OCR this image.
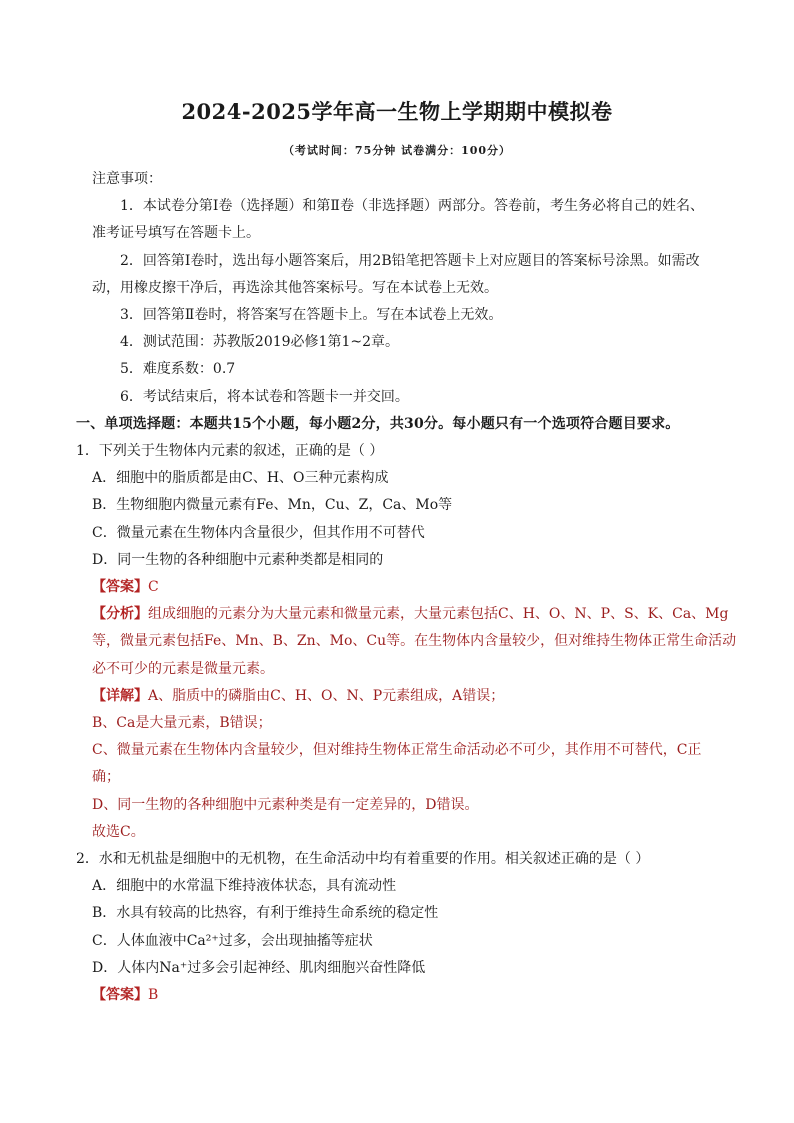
2024-2025学年高一生物上学期期中模拟卷
（考试时间：75分钟 试卷满分：100分）
注意事项：
1．本试卷分第Ⅰ卷（选择题）和第Ⅱ卷（非选择题）两部分。答卷前，考生务必将自己的姓名、
准考证号填写在答题卡上。
2．回答第Ⅰ卷时，选出每小题答案后，用2B铅笔把答题卡上对应题目的答案标号涂黑。如需改
动，用橡皮擦干净后，再选涂其他答案标号。写在本试卷上无效。
3．回答第Ⅱ卷时，将答案写在答题卡上。写在本试卷上无效。
4．测试范围：苏教版2019必修1第1~2章。
5．难度系数：0.7
6．考试结束后，将本试卷和答题卡一并交回。
一、单项选择题：本题共15个小题，每小题2分，共30分。每小题只有一个选项符合题目要求。
1．下列关于生物体内元素的叙述，正确的是（ ）
A．细胞中的脂质都是由C、H、O三种元素构成
B．生物细胞内微量元素有Fe、Mn，Cu、Z，Ca、Mo等
C．微量元素在生物体内含量很少，但其作用不可替代
D．同一生物的各种细胞中元素种类都是相同的
【答案】C
【分析】组成细胞的元素分为大量元素和微量元素，大量元素包括C、H、O、N、P、S、K、Ca、Mg
等，微量元素包括Fe、Mn、B、Zn、Mo、Cu等。在生物体内含量较少，但对维持生物体正常生命活动
必不可少的元素是微量元素。
【详解】A、脂质中的磷脂由C、H、O、N、P元素组成，A错误；
B、Ca是大量元素，B错误；
C、微量元素在生物体内含量较少，但对维持生物体正常生命活动必不可少，其作用不可替代，C正
确；
D、同一生物的各种细胞中元素种类是有一定差异的，D错误。
故选C。
2．水和无机盐是细胞中的无机物，在生命活动中均有着重要的作用。相关叙述正确的是（ ）
A．细胞中的水常温下维持液体状态，具有流动性
B．水具有较高的比热容，有利于维持生命系统的稳定性
C．人体血液中Ca²⁺过多，会出现抽搐等症状
D．人体内Na⁺过多会引起神经、肌肉细胞兴奋性降低
【答案】B
